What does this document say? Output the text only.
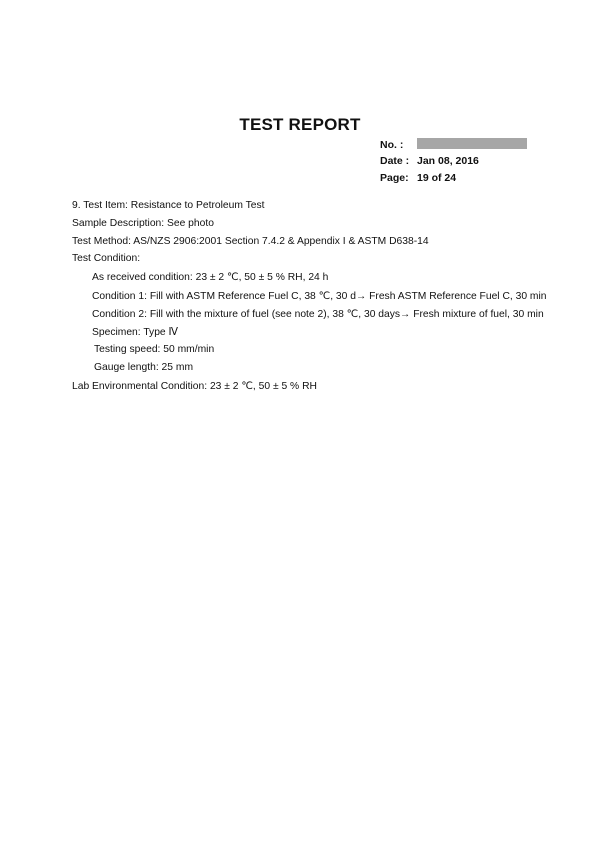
TEST REPORT
No. :
Date : Jan 08, 2016
Page: 19 of 24
9. Test Item: Resistance to Petroleum Test
Sample Description: See photo
Test Method: AS/NZS 2906:2001 Section 7.4.2 & Appendix I & ASTM D638-14
Test Condition:
As received condition: 23 ± 2 ℃, 50 ± 5 % RH, 24 h
Condition 1: Fill with ASTM Reference Fuel C, 38 ℃, 30 d→ Fresh ASTM Reference Fuel C, 30 min
Condition 2: Fill with the mixture of fuel (see note 2), 38 ℃, 30 days→ Fresh mixture of fuel, 30 min
Specimen: Type Ⅳ
Testing speed: 50 mm/min
Gauge length: 25 mm
Lab Environmental Condition: 23 ± 2 ℃, 50 ± 5 % RH
